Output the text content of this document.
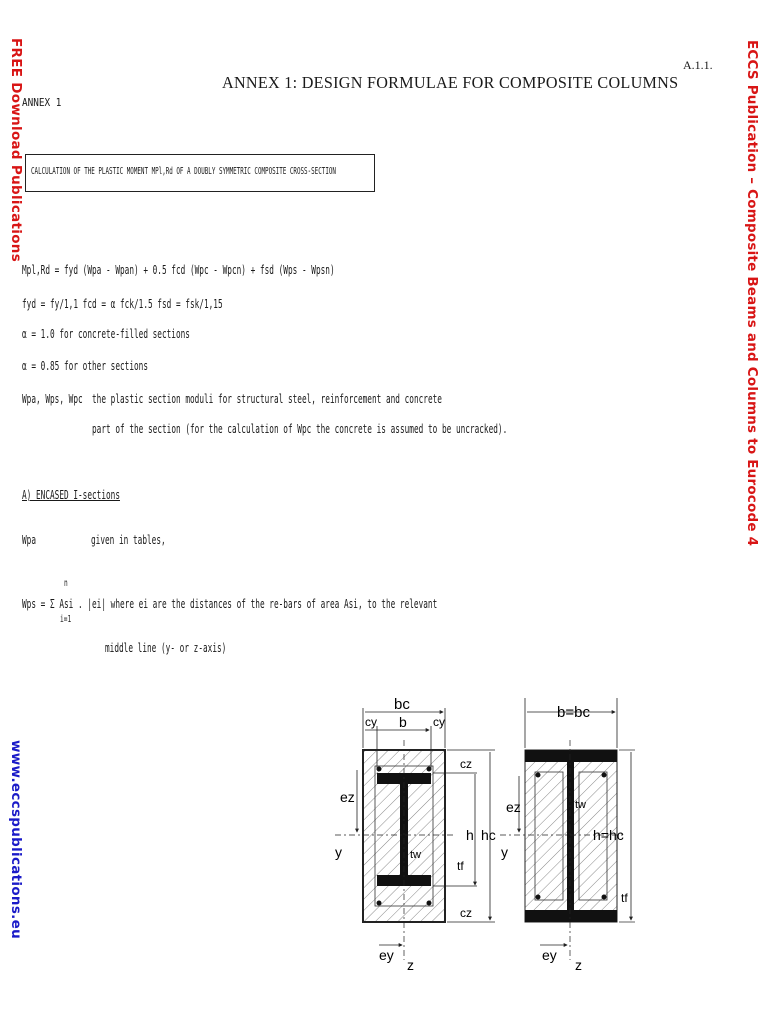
FREE Download Publications
www.eccspublications.eu
ECCS Publication – Composite Beams and Columns to Eurocode 4
A.1.1.
ANNEX 1: DESIGN FORMULAE FOR COMPOSITE COLUMNS
ANNEX 1
CALCULATION OF THE PLASTIC MOMENT MPl,Rd OF A DOUBLY SYMMETRIC COMPOSITE CROSS-SECTION
Mpl,Rd = fyd (Wpa - Wpan) + 0.5 fcd (Wpc - Wpcn) + fsd (Wps - Wpsn)
fyd = fy/1,1 fcd = α fck/1.5 fsd = fsk/1,15
α = 1.0 for concrete-filled sections
α = 0.85 for other sections
Wpa, Wps, Wpc the plastic section moduli for structural steel, reinforcement and concrete
part of the section (for the calculation of Wpc the concrete is assumed to be uncracked).
A) ENCASED I-sections
Wpa	given in tables,
n
Wps = Σ Asi . |ei| where ei are the distances of the re-bars of area Asi, to the relevant
i=1
middle line (y- or z-axis)
bc
b
cy	cy
y
z
ez
ey
h hc
cz
cz
tf
tw
b=bc
y
z
ez
ey
h=hc
tf
tw
